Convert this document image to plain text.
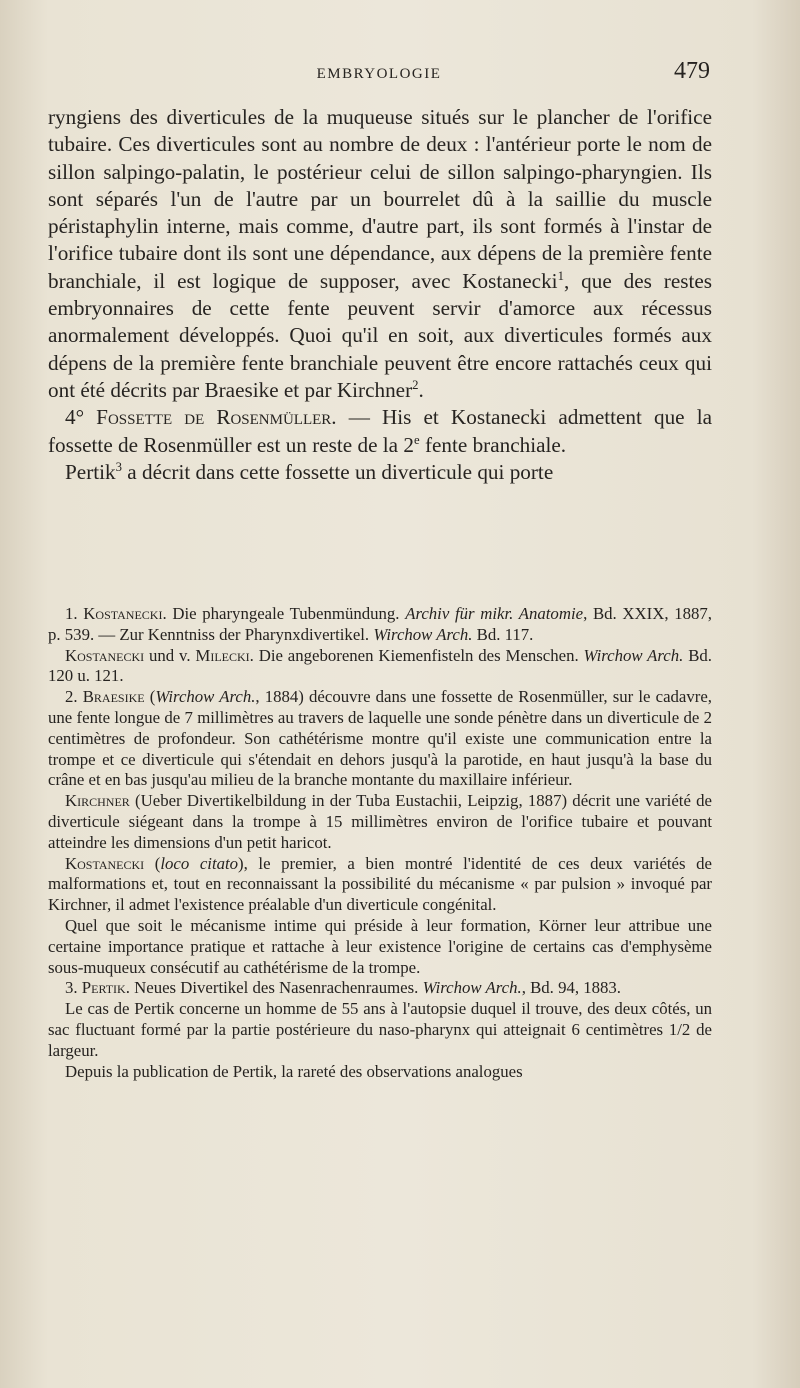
EMBRYOLOGIE	479

ryngiens des diverticules de la muqueuse situés sur le plancher de l'orifice tubaire. Ces diverticules sont au nombre de deux : l'antérieur porte le nom de sillon salpingo-palatin, le postérieur celui de sillon salpingo-pharyngien. Ils sont séparés l'un de l'autre par un bourrelet dû à la saillie du muscle péristaphylin interne, mais comme, d'autre part, ils sont formés à l'instar de l'orifice tubaire dont ils sont une dépendance, aux dépens de la première fente branchiale, il est logique de supposer, avec Kostanecki$^1$, que des restes embryonnaires de cette fente peuvent servir d'amorce aux récessus anormalement développés. Quoi qu'il en soit, aux diverticules formés aux dépens de la première fente branchiale peuvent être encore rattachés ceux qui ont été décrits par Braesike et par Kirchner$^2$.

4° Fossette de Rosenmüller. — His et Kostanecki admettent que la fossette de Rosenmüller est un reste de la 2e fente branchiale.

Pertik$^3$ a décrit dans cette fossette un diverticule qui porte

1. Kostanecki. Die pharyngeale Tubenmündung. Archiv für mikr. Anatomie, Bd. XXIX, 1887, p. 539. — Zur Kenntniss der Pharynxdivertikel. Wirchow Arch. Bd. 117.

Kostanecki und v. Milecki. Die angeborenen Kiemenfisteln des Menschen. Wirchow Arch. Bd. 120 u. 121.

2. Braesike (Wirchow Arch., 1884) découvre dans une fossette de Rosenmüller, sur le cadavre, une fente longue de 7 millimètres au travers de laquelle une sonde pénètre dans un diverticule de 2 centimètres de profondeur. Son cathétérisme montre qu'il existe une communication entre la trompe et ce diverticule qui s'étendait en dehors jusqu'à la parotide, en haut jusqu'à la base du crâne et en bas jusqu'au milieu de la branche montante du maxillaire inférieur.

Kirchner (Ueber Divertikelbildung in der Tuba Eustachii, Leipzig, 1887) décrit une variété de diverticule siégeant dans la trompe à 15 millimètres environ de l'orifice tubaire et pouvant atteindre les dimensions d'un petit haricot.

Kostanecki (loco citato), le premier, a bien montré l'identité de ces deux variétés de malformations et, tout en reconnaissant la possibilité du mécanisme « par pulsion » invoqué par Kirchner, il admet l'existence préalable d'un diverticule congénital.

Quel que soit le mécanisme intime qui préside à leur formation, Körner leur attribue une certaine importance pratique et rattache à leur existence l'origine de certains cas d'emphysème sous-muqueux consécutif au cathétérisme de la trompe.

3. Pertik. Neues Divertikel des Nasenrachenraumes. Wirchow Arch., Bd. 94, 1883.

Le cas de Pertik concerne un homme de 55 ans à l'autopsie duquel il trouve, des deux côtés, un sac fluctuant formé par la partie postérieure du naso-pharynx qui atteignait 6 centimètres 1/2 de largeur.

Depuis la publication de Pertik, la rareté des observations analogues
